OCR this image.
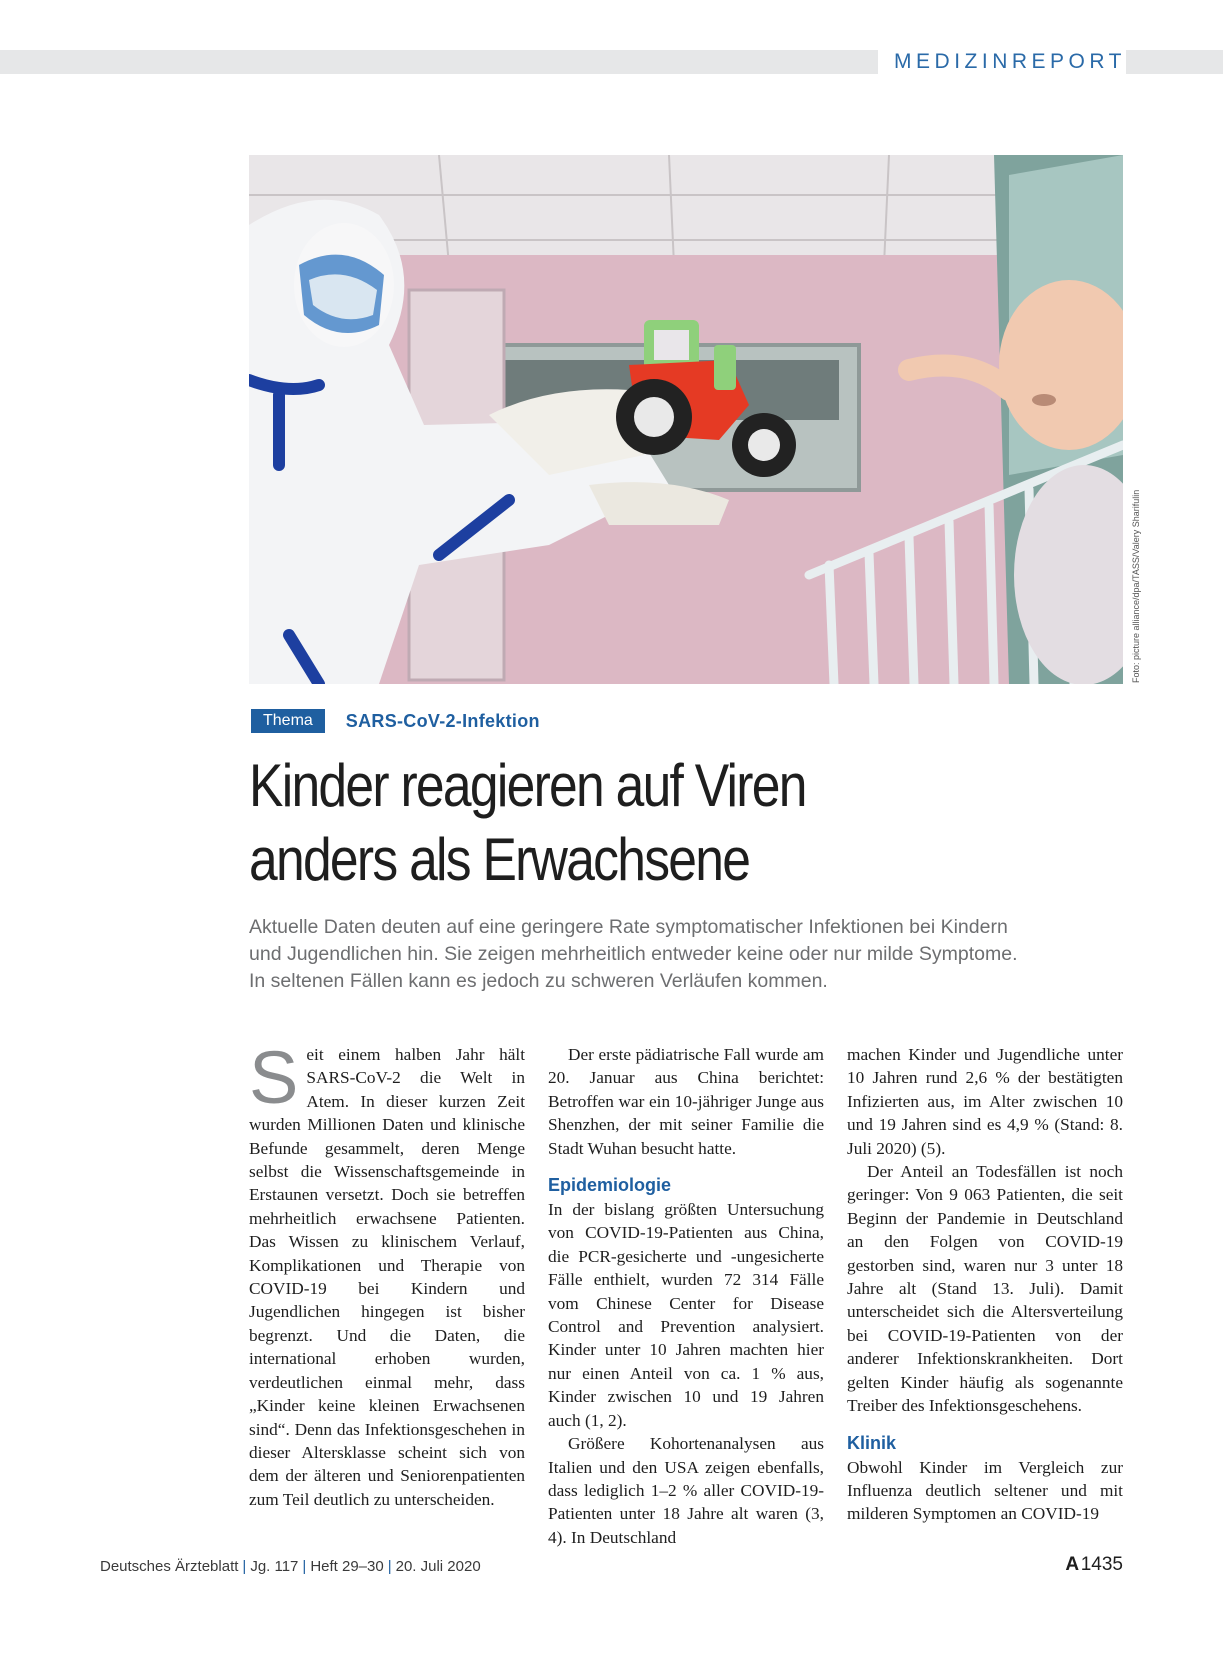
MEDIZINREPORT
Foto: picture alliance/dpa/TASS/Valery Sharifulin
Thema SARS-CoV-2-Infektion
Kinder reagieren auf Viren
anders als Erwachsene

Aktuelle Daten deuten auf eine geringere Rate symptomatischer Infektionen bei Kindern
und Jugendlichen hin. Sie zeigen mehrheitlich entweder keine oder nur milde Symptome.
In seltenen Fällen kann es jedoch zu schweren Verläufen kommen.

S eit einem halben Jahr hält SARS-CoV-2 die Welt in Atem. In dieser kurzen Zeit wurden Millionen Daten und klinische Befunde gesammelt, deren Menge selbst die Wissenschaftsgemeinde in Erstaunen versetzt. Doch sie betreffen mehrheitlich erwachsene Patienten. Das Wissen zu klinischem Verlauf, Komplikationen und Therapie von COVID-19 bei Kindern und Jugendlichen hingegen ist bisher begrenzt. Und die Daten, die international erhoben wurden, verdeutlichen einmal mehr, dass „Kinder keine kleinen Erwachsenen sind“. Denn das Infektionsgeschehen in dieser Altersklasse scheint sich von dem der älteren und Seniorenpatienten zum Teil deutlich zu unterscheiden.

Der erste pädiatrische Fall wurde am 20. Januar aus China berichtet: Betroffen war ein 10-jähriger Junge aus Shenzhen, der mit seiner Familie die Stadt Wuhan besucht hatte.

Epidemiologie

In der bislang größten Untersuchung von COVID-19-Patienten aus China, die PCR-gesicherte und -ungesicherte Fälle enthielt, wurden 72 314 Fälle vom Chinese Center for Disease Control and Prevention analysiert. Kinder unter 10 Jahren machten hier nur einen Anteil von ca. 1 % aus, Kinder zwischen 10 und 19 Jahren auch (1, 2).

Größere Kohortenanalysen aus Italien und den USA zeigen ebenfalls, dass lediglich 1–2 % aller COVID-19-Patienten unter 18 Jahre alt waren (3, 4). In Deutschland

machen Kinder und Jugendliche unter 10 Jahren rund 2,6 % der bestätigten Infizierten aus, im Alter zwischen 10 und 19 Jahren sind es 4,9 % (Stand: 8. Juli 2020) (5).

Der Anteil an Todesfällen ist noch geringer: Von 9 063 Patienten, die seit Beginn der Pandemie in Deutschland an den Folgen von COVID-19 gestorben sind, waren nur 3 unter 18 Jahre alt (Stand 13. Juli). Damit unterscheidet sich die Altersverteilung bei COVID-19-Patienten von der anderer Infektionskrankheiten. Dort gelten Kinder häufig als sogenannte Treiber des Infektionsgeschehens.

Klinik

Obwohl Kinder im Vergleich zur Influenza deutlich seltener und mit milderen Symptomen an COVID-19

Deutsches Ärzteblatt | Jg. 117 | Heft 29–30 | 20. Juli 2020	A 1435
